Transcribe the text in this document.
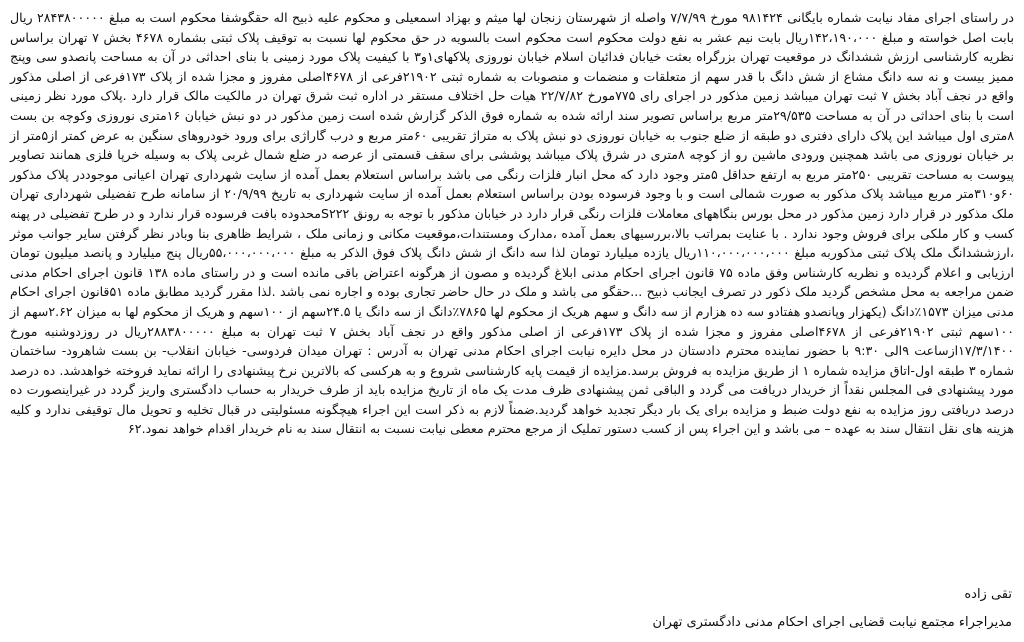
در راستای اجرای مفاد نیابت شماره بایگانی ۹۸۱۴۲۴ مورخ ۷/۷/۹۹ واصله از شهرستان زنجان لها میثم و بهزاد اسمعیلی و محکوم علیه ذبیح اله حقگوشفا محکوم است به مبلغ ۲۸۴۳۸۰۰۰۰۰ ریال بابت اصل خواسته و مبلغ ۱۴۲،۱۹۰،۰۰۰ریال بابت نیم عشر به نفع دولت محکوم است محکوم است بالسویه در حق محکوم لها نسبت به توقیف پلاک ثبتی بشماره ۴۶۷۸ بخش ۷ تهران براساس نظریه کارشناسی ارزش ششدانگ در موقعیت تهران بزرگراه بعثت خیابان فدائیان اسلام خیابان نوروزی پلاکهای۱و۳ با کیفیت پلاک مورد زمینی با بنای احداثی در آن به مساحت پانصدو سی وپنج ممیز بیست و نه سه دانگ مشاع از شش دانگ با قدر سهم از متعلقات و منضمات و منصوبات به شماره ثبتی ۲۱۹۰۲فرعی از ۴۶۷۸اصلی مفروز و مجزا شده از پلاک ۱۷۳فرعی از اصلی مذکور واقع در نجف آباد بخش ۷ ثبت تهران میباشد زمین مذکور در اجرای رای ۷۷۵مورخ ۲۲/۷/۸۲ هیات حل اختلاف مستقر در اداره ثبت شرق تهران در مالکیت مالک قرار دارد .پلاک مورد نظر زمینی است با بنای احداثی در آن به مساحت ۲۹/۵۳۵متر مربع براساس تصویر سند ارائه شده به شماره فوق الذکر گزارش شده است زمین مذکور در دو نبش خیابان ۱۶متری نوروزی وکوچه بن بست ۸متری اول میباشد این پلاک دارای دفتری دو طبقه از ضلع جنوب به خیابان نوروزی دو نبش پلاک به متراژ تقریبی ۶۰متر مربع و درب گاراژی برای ورود خودروهای سنگین به عرض کمتر از۵متر از بر خیابان نوروزی می باشد همچنین ورودی ماشین رو از کوچه ۸متری در شرق پلاک میباشد پوششی برای سقف قسمتی از عرصه در ضلع شمال غربی پلاک به وسیله خرپا فلزی همانند تصاویر پیوست به مساحت تقریبی ۲۵۰متر مربع به ارتفع حداقل ۵متر وجود دارد که محل انبار فلزات رنگی می باشد براساس استعلام بعمل آمده از سایت شهرداری تهران اعیانی موجوددر پلاک مذکور ۶۰و۳۱۰متر مربع میباشد پلاک مذکور به صورت شمالی است و با وجود فرسوده بودن براساس استعلام بعمل آمده از سایت شهرداری به تاریخ ۲۰/۹/۹۹ از سامانه طرح تفضیلی شهرداری تهران ملک مذکور در قرار دارد زمین مذکور در محل بورس بنگاههای معاملات فلزات رنگی قرار دارد در خیابان مذکور با توجه به رونق S۲۲۲محدوده بافت فرسوده قرار ندارد و در طرح تفضیلی در پهنه کسب و کار ملکی برای فروش وجود ندارد . با عنایت بمراتب بالا،بررسیهای بعمل آمده ،مدارک ومستندات،موقعیت مکانی و زمانی ملک ، شرایط ظاهری بنا وبادر نظر گرفتن سایر جوانب موثر ،ارزششدانگ ملک پلاک ثبتی مذکوربه مبلغ ۱۱۰،۰۰۰،۰۰۰،۰۰۰ریال یازده میلیارد تومان لذا سه دانگ از شش دانگ پلاک فوق الذکر به مبلغ ۵۵،۰۰۰،۰۰۰،۰۰۰ریال پنج میلیارد و پانصد میلیون تومان ارزیابی و اعلام گردیده و نظریه کارشناس وفق ماده ۷۵ قانون اجرای احکام مدنی ابلاغ گردیده و مصون از هرگونه اعتراض باقی مانده است و در راستای ماده ۱۳۸ قانون اجرای احکام مدنی ضمن مراجعه به محل مشخص گردید ملک ذکور در تصرف ایجانب ذبیح ...حقگو می باشد و ملک در حال حاضر تجاری بوده و اجاره نمی باشد .لذا مقرر گردید مطابق ماده ۵۱قانون اجرای احکام مدنی میزان ۱۵۷۳٪دانگ (یکهزار وپانصدو هفتادو سه ده هزارم از سه دانگ و سهم هریک از محکوم لها ۷۸۶۵٪دانگ از سه دانگ یا ۲۴.۵سهم از ۱۰۰سهم و هریک از محکوم لها به میزان ۲.۶۲سهم از ۱۰۰سهم ثبتی ۲۱۹۰۲فرعی از ۴۶۷۸اصلی مفروز و مجزا شده از پلاک ۱۷۳فرعی از اصلی مذکور واقع در نجف آباد بخش ۷ ثبت تهران به مبلغ ۲۸۸۳۸۰۰۰۰۰ریال در روزدوشنبه مورخ ۱۷/۳/۱۴۰۰ازساعت ۹الی ۹:۳۰ با حضور نماینده محترم دادستان در محل دایره نیابت اجرای احکام مدنی تهران به آدرس : تهران میدان فردوسی- خیابان انقلاب- بن بست شاهرود- ساختمان شماره ۳ طبقه اول-اتاق مزایده شماره ۱ از طریق مزایده به فروش برسد.مزایده از قیمت پایه کارشناسی شروع و به هرکسی که بالاترین نرخ پیشنهادی را ارائه نماید فروخته خواهدشد. ده درصد مورد پیشنهادی فی المجلس نقداً از خریدار دریافت می گردد و الباقی ثمن پیشنهادی ظرف مدت یک ماه از تاریخ مزایده باید از طرف خریدار به حساب دادگستری واریز گردد در غیراینصورت ده درصد دریافتی روز مزایده به نفع دولت ضبط و مزایده برای یک بار دیگر تجدید خواهد گردید.ضمناً لازم به ذکر است این اجراء هیچگونه مسئولیتی در قبال تخلیه و تحویل مال توقیفی ندارد و کلیه هزینه های نقل انتقال سند به عهده – می باشد و این اجراء پس از کسب دستور تملیک از مرجع محترم معطی نیابت نسبت به انتقال سند به نام خریدار اقدام خواهد نمود.۶۲

تقی زاده

مدیراجراء مجتمع نیابت قضایی اجرای احکام مدنی دادگستری تهران
